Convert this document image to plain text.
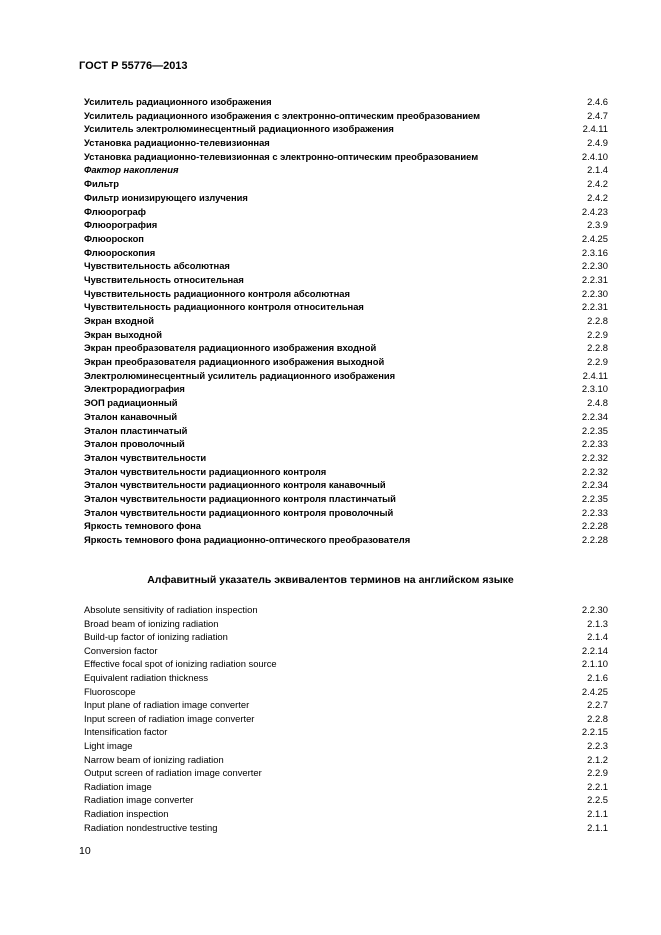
ГОСТ Р 55776—2013
Усилитель радиационного изображения	2.4.6
Усилитель радиационного изображения с электронно-оптическим преобразованием	2.4.7
Усилитель электролюминесцентный радиационного изображения	2.4.11
Установка радиационно-телевизионная	2.4.9
Установка радиационно-телевизионная с электронно-оптическим преобразованием	2.4.10
Фактор накопления	2.1.4
Фильтр	2.4.2
Фильтр ионизирующего излучения	2.4.2
Флюорограф	2.4.23
Флюорография	2.3.9
Флюороскоп	2.4.25
Флюороскопия	2.3.16
Чувствительность абсолютная	2.2.30
Чувствительность относительная	2.2.31
Чувствительность радиационного контроля абсолютная	2.2.30
Чувствительность радиационного контроля относительная	2.2.31
Экран входной	2.2.8
Экран выходной	2.2.9
Экран преобразователя радиационного изображения входной	2.2.8
Экран преобразователя радиационного изображения выходной	2.2.9
Электролюминесцентный усилитель радиационного изображения	2.4.11
Электрорадиография	2.3.10
ЭОП радиационный	2.4.8
Эталон канавочный	2.2.34
Эталон пластинчатый	2.2.35
Эталон проволочный	2.2.33
Эталон чувствительности	2.2.32
Эталон чувствительности радиационного контроля	2.2.32
Эталон чувствительности радиационного контроля канавочный	2.2.34
Эталон чувствительности радиационного контроля пластинчатый	2.2.35
Эталон чувствительности радиационного контроля проволочный	2.2.33
Яркость темнового фона	2.2.28
Яркость темнового фона радиационно-оптического преобразователя	2.2.28
Алфавитный указатель эквивалентов терминов на английском языке
Absolute sensitivity of radiation inspection	2.2.30
Broad beam of ionizing radiation	2.1.3
Build-up factor of ionizing radiation	2.1.4
Conversion factor	2.2.14
Effective focal spot of ionizing radiation source	2.1.10
Equivalent radiation thickness	2.1.6
Fluoroscope	2.4.25
Input plane of radiation image converter	2.2.7
Input screen of radiation image converter	2.2.8
Intensification factor	2.2.15
Light image	2.2.3
Narrow beam of ionizing radiation	2.1.2
Output screen of radiation image converter	2.2.9
Radiation image	2.2.1
Radiation image converter	2.2.5
Radiation inspection	2.1.1
Radiation nondestructive testing	2.1.1
10
